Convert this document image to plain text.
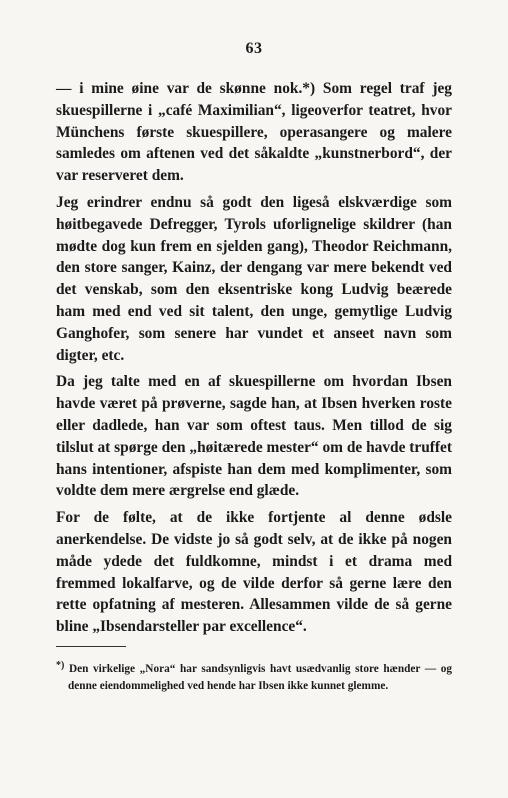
63

— i mine øine var de skønne nok.*) Som regel traf jeg skuespillerne i „café Maximilian“, ligeoverfor teatret, hvor Münchens første skuespillere, operasangere og malere samledes om aftenen ved det såkaldte „kunstnerbord“, der var reserveret dem.

Jeg erindrer endnu så godt den ligeså elskværdige som høitbegavede Defregger, Tyrols uforlignelige skildrer (han mødte dog kun frem en sjelden gang), Theodor Reichmann, den store sanger, Kainz, der dengang var mere bekendt ved det venskab, som den eksentriske kong Ludvig beærede ham med end ved sit talent, den unge, gemytlige Ludvig Ganghofer, som senere har vundet et anseet navn som digter, etc.

Da jeg talte med en af skuespillerne om hvordan Ibsen havde været på prøverne, sagde han, at Ibsen hverken roste eller dadlede, han var som oftest taus. Men tillod de sig tilslut at spørge den „høitærede mester“ om de havde truffet hans intentioner, afspiste han dem med komplimenter, som voldte dem mere ærgrelse end glæde.

For de følte, at de ikke fortjente al denne ødsle anerkendelse. De vidste jo så godt selv, at de ikke på nogen måde ydede det fuldkomne, mindst i et drama med fremmed lokalfarve, og de vilde derfor så gerne lære den rette opfatning af mesteren. Allesammen vilde de så gerne bline „Ibsendarsteller par excellence“.

*) Den virkelige „Nora“ har sandsynligvis havt usædvanlig store hænder — og denne eiendommelighed ved hende har Ibsen ikke kunnet glemme.
